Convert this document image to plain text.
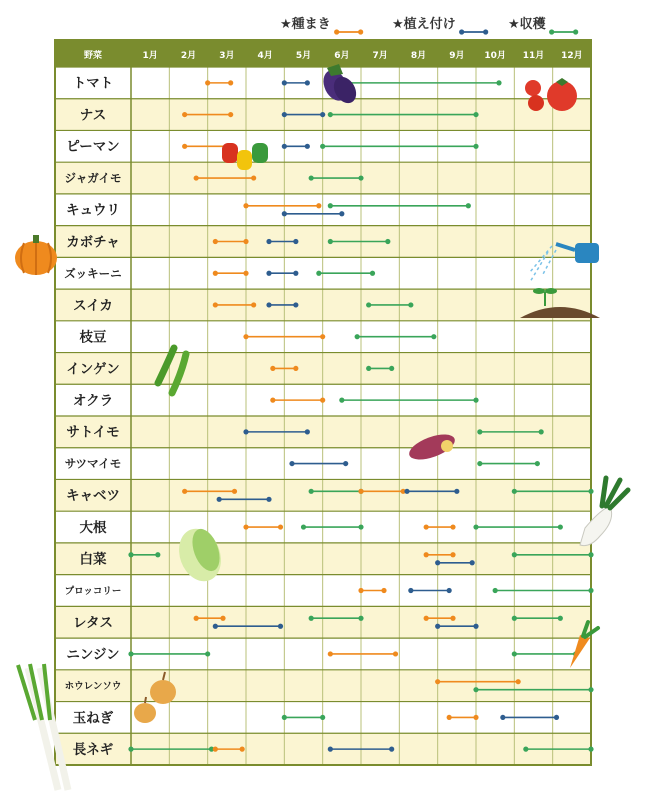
野菜	1月	2月	3月	4月	5月	6月	7月	8月	9月 10月 11月 12月
トマト
ナス
ピーマン
ジャガイモ
キュウリ
カボチャ
ズッキーニ
スイカ
枝豆
インゲン
オクラ
サトイモ
サツマイモ
キャベツ
大根
白菜
プロッコリー
レタス
ニンジン
ホウレンソウ
玉ねぎ
長ネギ
★種まき	★植え付け	★収穫
